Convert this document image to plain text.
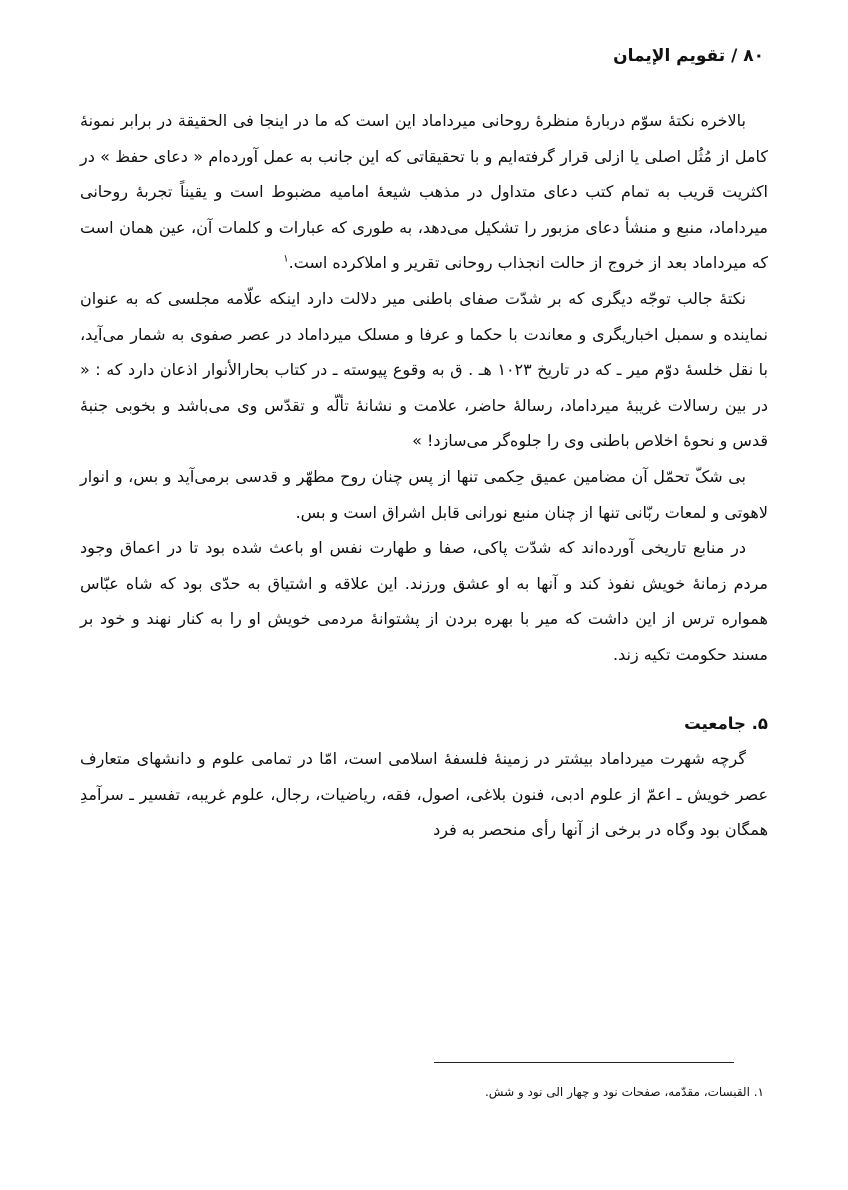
٨٠ / تقویم الإیمان

بالاخره نکتهٔ سوّم دربارهٔ منظرهٔ روحانی میرداماد این است که ما در اینجا فی الحقیقة در برابر نمونهٔ کامل از مُثُل اصلی یا ازلی قرار گرفته‌ایم و با تحقیقاتی که این جانب به عمل آورده‌ام « دعای حفظ » در اکثریت قریب به تمام کتب دعای متداول در مذهب شیعهٔ امامیه مضبوط است و یقیناً تجربهٔ روحانی میرداماد، منبع و منشأ دعای مزبور را تشکیل می‌دهد، به طوری که عبارات و کلمات آن، عین همان است که میرداماد بعد از خروج از حالت انجذاب روحانی تقریر و املاکرده است.$^۱$

نکتهٔ جالب توجّه دیگری که بر شدّت صفای باطنی میر دلالت دارد اینکه علّامه مجلسی که به عنوان نماینده و سمبل اخباریگری و معاندت با حکما و عرفا و مسلک میرداماد در عصر صفوی به شمار می‌آید، با نقل خلسهٔ دوّم میر ـ که در تاریخ ۱۰۲۳ هـ . ق به وقوع پیوسته ـ در کتاب بحارالأنوار اذعان دارد که : « در بین رسالات غریبهٔ میرداماد، رسالهٔ حاضر، علامت و نشانهٔ تألّه و تقدّس وی می‌باشد و بخوبی جنبهٔ قدس و نحوهٔ اخلاص باطنی وی را جلوه‌گر می‌سازد! »

بی شکّ تحمّل آن مضامین عمیق حِکمی تنها از پس چنان روح مطهّر و قدسی برمی‌آید و بس، و انوار لاهوتی و لمعات ربّانی تنها از چنان منبع نورانی قابل اشراق است و بس.

در منابع تاریخی آورده‌اند که شدّت پاکی، صفا و طهارت نفس او باعث شده بود تا در اعماق وجود مردم زمانهٔ خویش نفوذ کند و آنها به او عشق ورزند. این علاقه و اشتیاق به حدّی بود که شاه عبّاس همواره ترس از این داشت که میر با بهره بردن از پشتوانهٔ مردمی خویش او را به کنار نهند و خود بر مسند حکومت تکیه زند.

۵. جامعیت

گرچه شهرت میرداماد بیشتر در زمینهٔ فلسفهٔ اسلامی است، امّا در تمامی علوم و دانشهای متعارف عصر خویش ـ اعمّ از علوم ادبی، فنون بلاغی، اصول، فقه، ریاضیات، رجال، علوم غریبه، تفسیر ـ سرآمدِ همگان بود وگاه در برخی از آنها رأی منحصر به فرد

۱. القبسات، مقدّمه، صفحات نود و چهار الی نود و شش.
